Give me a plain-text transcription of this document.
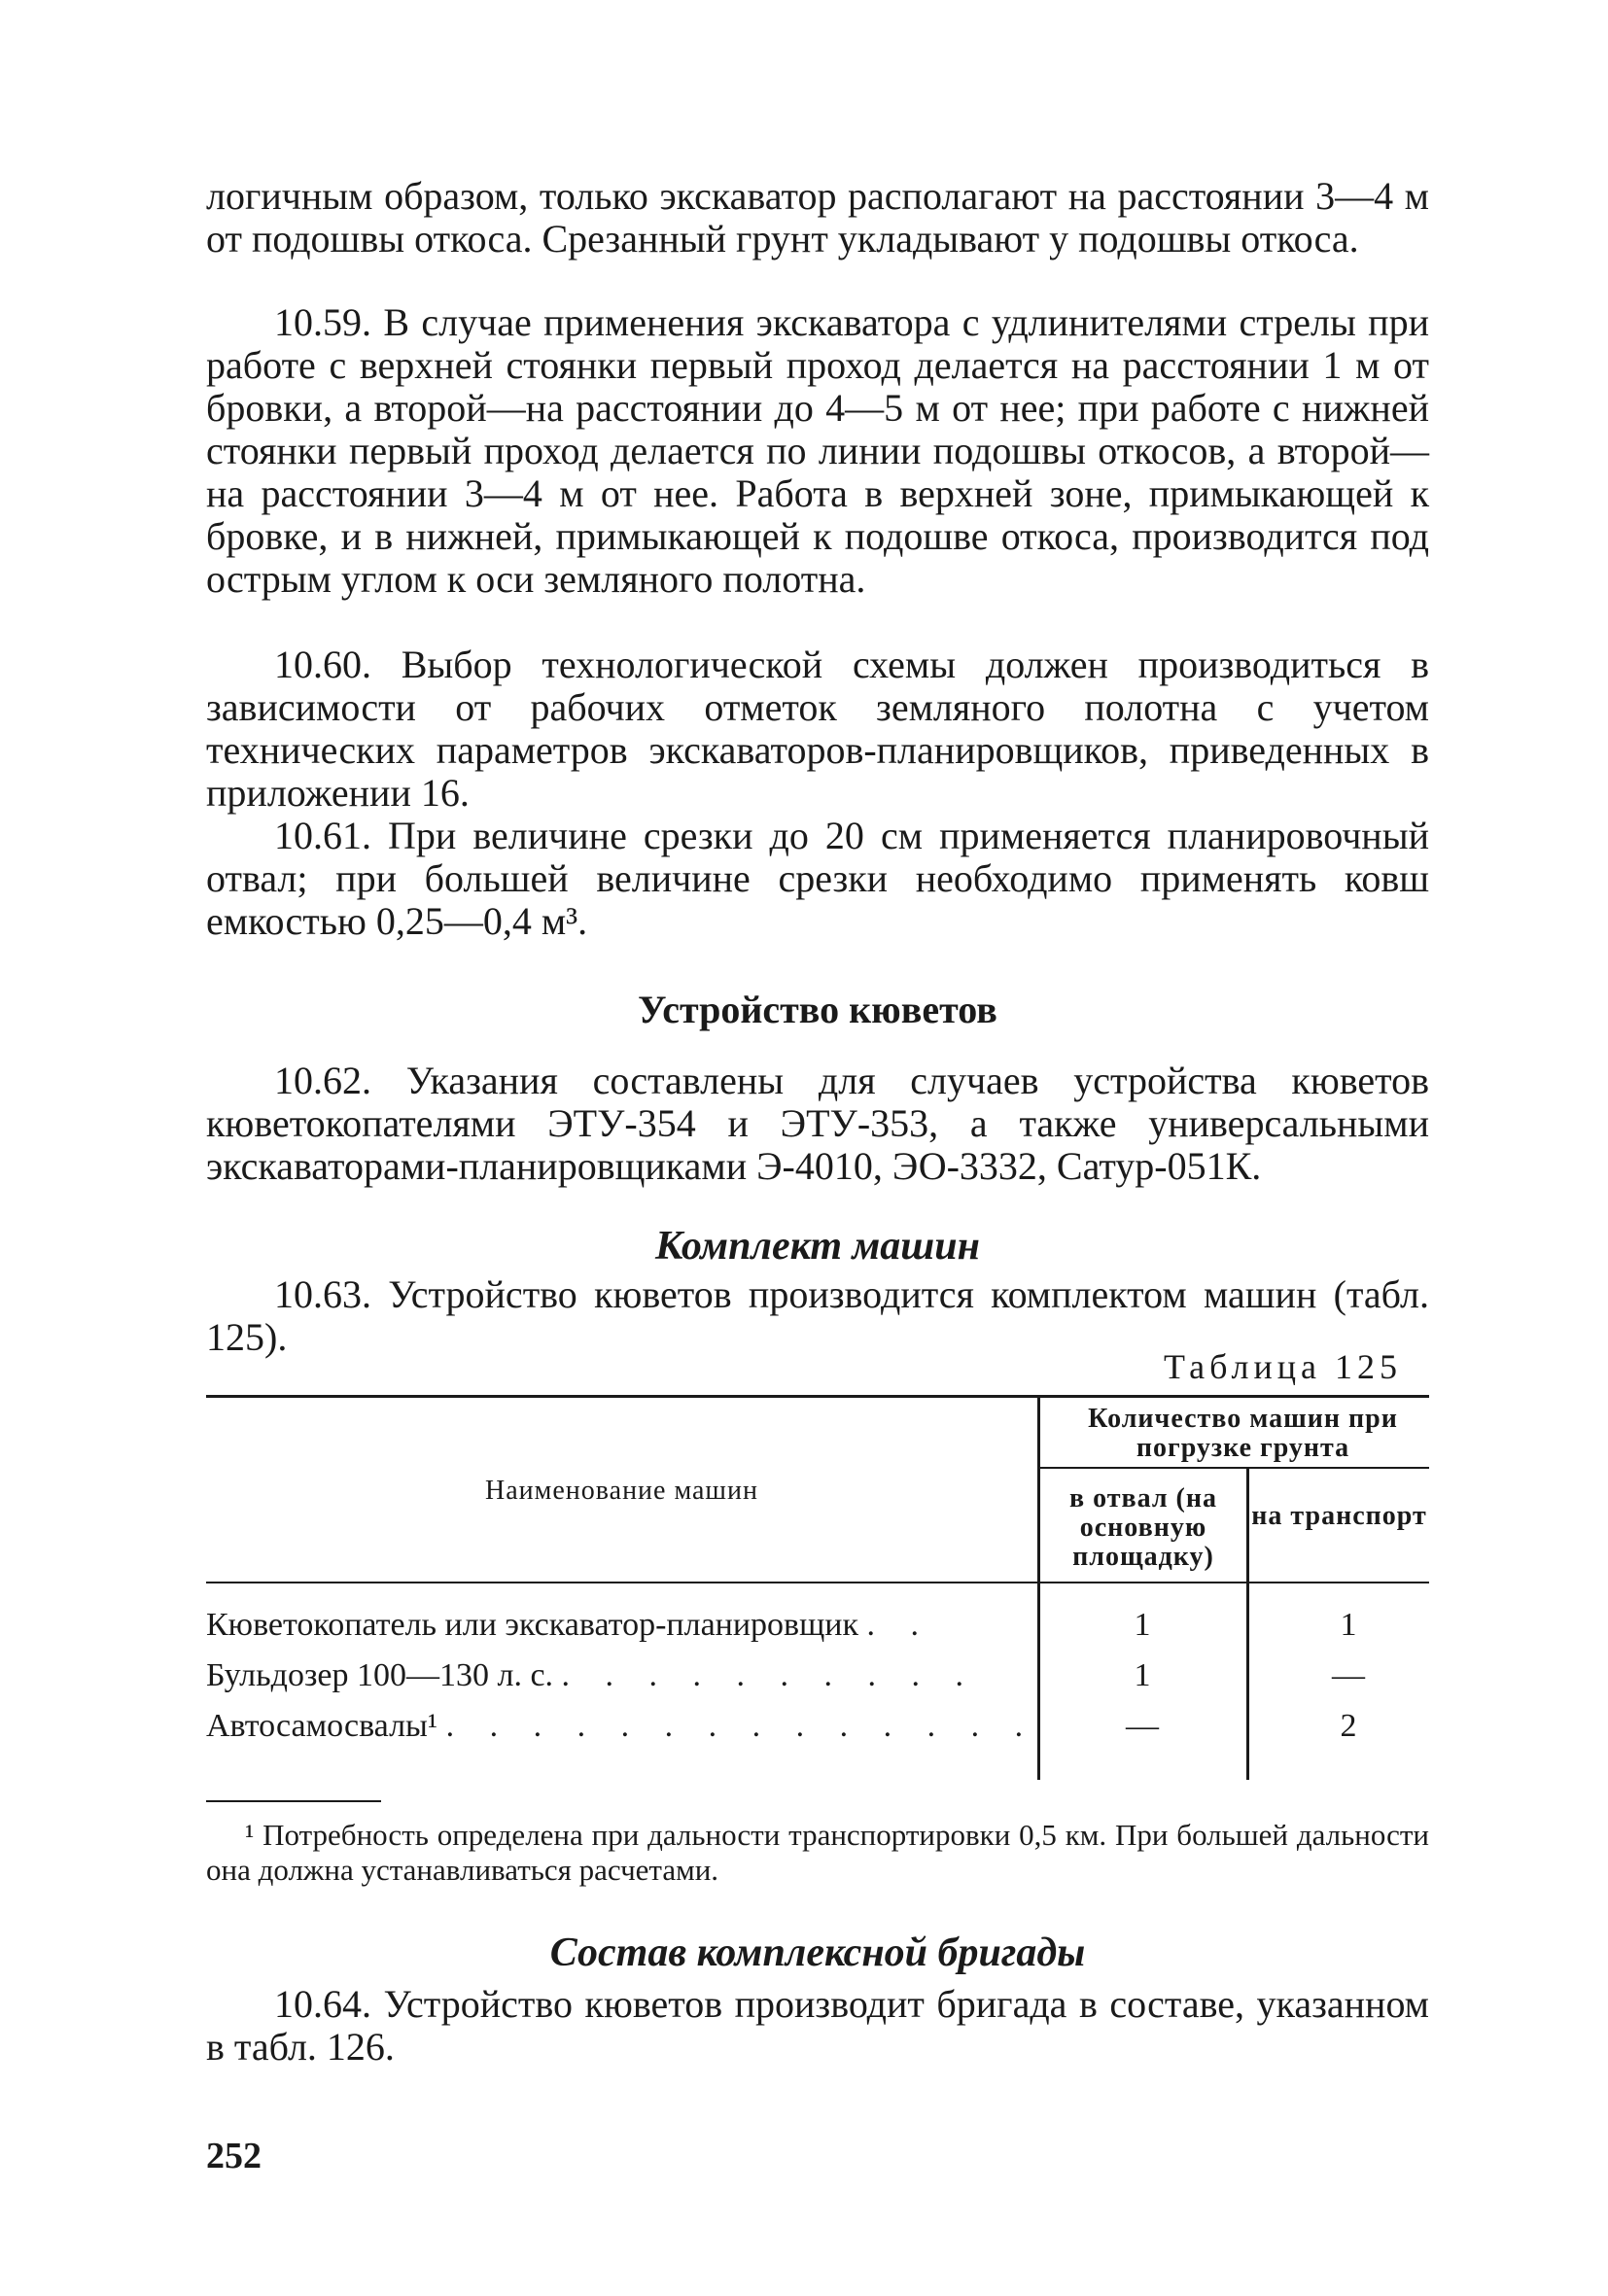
логичным образом, только экскаватор располагают на расстоянии 3—4 м от подошвы откоса. Срезанный грунт укладывают у подошвы откоса.

10.59. В случае применения экскаватора с удлинителями стрелы при работе с верхней стоянки первый проход делается на расстоянии 1 м от бровки, а второй—на расстоянии до 4—5 м от нее; при работе с нижней стоянки первый проход делается по линии подошвы откосов, а второй—на расстоянии 3—4 м от нее. Работа в верхней зоне, примыкающей к бровке, и в нижней, примыкающей к подошве откоса, производится под острым углом к оси земляного полотна.

10.60. Выбор технологической схемы должен производиться в зависимости от рабочих отметок земляного полотна с учетом технических параметров экскаваторов-планировщиков, приведенных в приложении 16.

10.61. При величине срезки до 20 см применяется планировочный отвал; при большей величине срезки необходимо применять ковш емкостью 0,25—0,4 м³.

Устройство кюветов

10.62. Указания составлены для случаев устройства кюветов кюветокопателями ЭТУ-354 и ЭТУ-353, а также универсальными экскаваторами-планировщиками Э-4010, ЭО-3332, Сатур-051К.

Комплект машин

10.63. Устройство кюветов производится комплектом машин (табл. 125).

Таблица 125

Наименование машин
Количество машин при погрузке грунта
в отвал (на основную площадку)
на транспорт
Кюветокопатель или экскаватор-планировщик . .	1	1
Бульдозер 100—130 л. с. . . . . . . . . . .	1	—
Автосамосвалы¹ . . . . . . . . . . . . . .	—	2

¹ Потребность определена при дальности транспортировки 0,5 км. При большей дальности она должна устанавливаться расчетами.

Состав комплексной бригады

10.64. Устройство кюветов производит бригада в составе, указанном в табл. 126.

252
